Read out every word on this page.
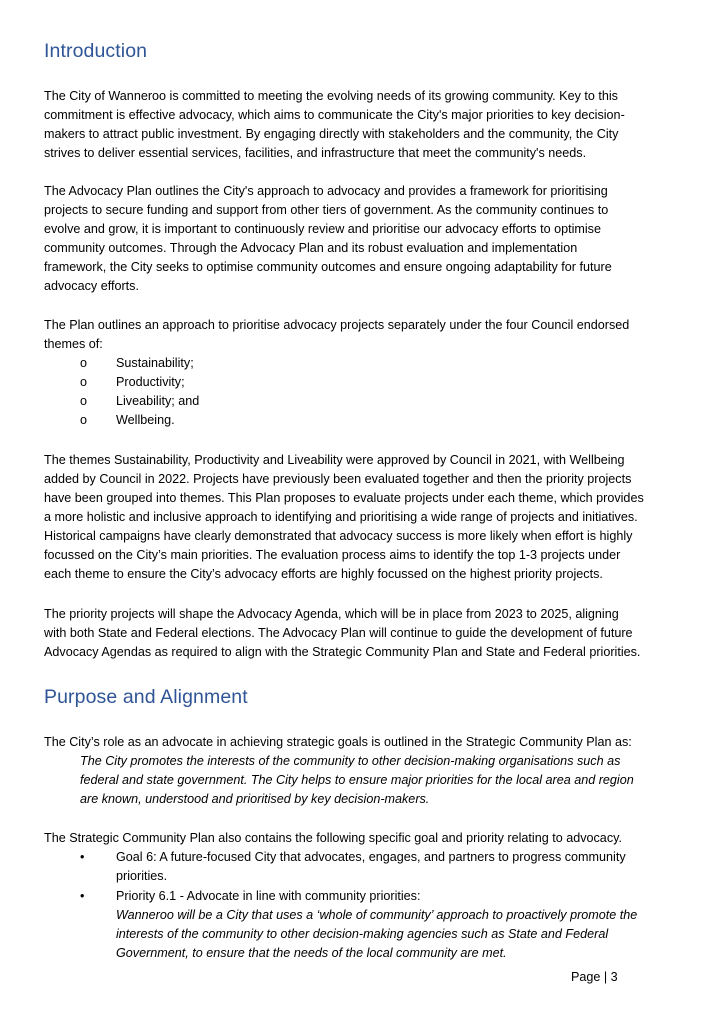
Introduction

The City of Wanneroo is committed to meeting the evolving needs of its growing community. Key to this

commitment is effective advocacy, which aims to communicate the City's major priorities to key decision-

makers to attract public investment. By engaging directly with stakeholders and the community, the City

strives to deliver essential services, facilities, and infrastructure that meet the community's needs.

The Advocacy Plan outlines the City's approach to advocacy and provides a framework for prioritising

projects to secure funding and support from other tiers of government. As the community continues to

evolve and grow, it is important to continuously review and prioritise our advocacy efforts to optimise

community outcomes. Through the Advocacy Plan and its robust evaluation and implementation

framework, the City seeks to optimise community outcomes and ensure ongoing adaptability for future

advocacy efforts.

The Plan outlines an approach to prioritise advocacy projects separately under the four Council endorsed

themes of:

o Sustainability;

o Productivity;

o Liveability; and

o Wellbeing.

The themes Sustainability, Productivity and Liveability were approved by Council in 2021, with Wellbeing

added by Council in 2022. Projects have previously been evaluated together and then the priority projects

have been grouped into themes. This Plan proposes to evaluate projects under each theme, which provides

a more holistic and inclusive approach to identifying and prioritising a wide range of projects and initiatives.

Historical campaigns have clearly demonstrated that advocacy success is more likely when effort is highly

focussed on the City’s main priorities. The evaluation process aims to identify the top 1-3 projects under

each theme to ensure the City’s advocacy efforts are highly focussed on the highest priority projects.

The priority projects will shape the Advocacy Agenda, which will be in place from 2023 to 2025, aligning

with both State and Federal elections. The Advocacy Plan will continue to guide the development of future

Advocacy Agendas as required to align with the Strategic Community Plan and State and Federal priorities.

Purpose and Alignment

The City’s role as an advocate in achieving strategic goals is outlined in the Strategic Community Plan as:

The City promotes the interests of the community to other decision-making organisations such as

federal and state government. The City helps to ensure major priorities for the local area and region

are known, understood and prioritised by key decision-makers.

The Strategic Community Plan also contains the following specific goal and priority relating to advocacy.

•	Goal 6: A future-focused City that advocates, engages, and partners to progress community

priorities.

•	Priority 6.1 - Advocate in line with community priorities:

Wanneroo will be a City that uses a ‘whole of community’ approach to proactively promote the

interests of the community to other decision-making agencies such as State and Federal

Government, to ensure that the needs of the local community are met.

Page | 3
